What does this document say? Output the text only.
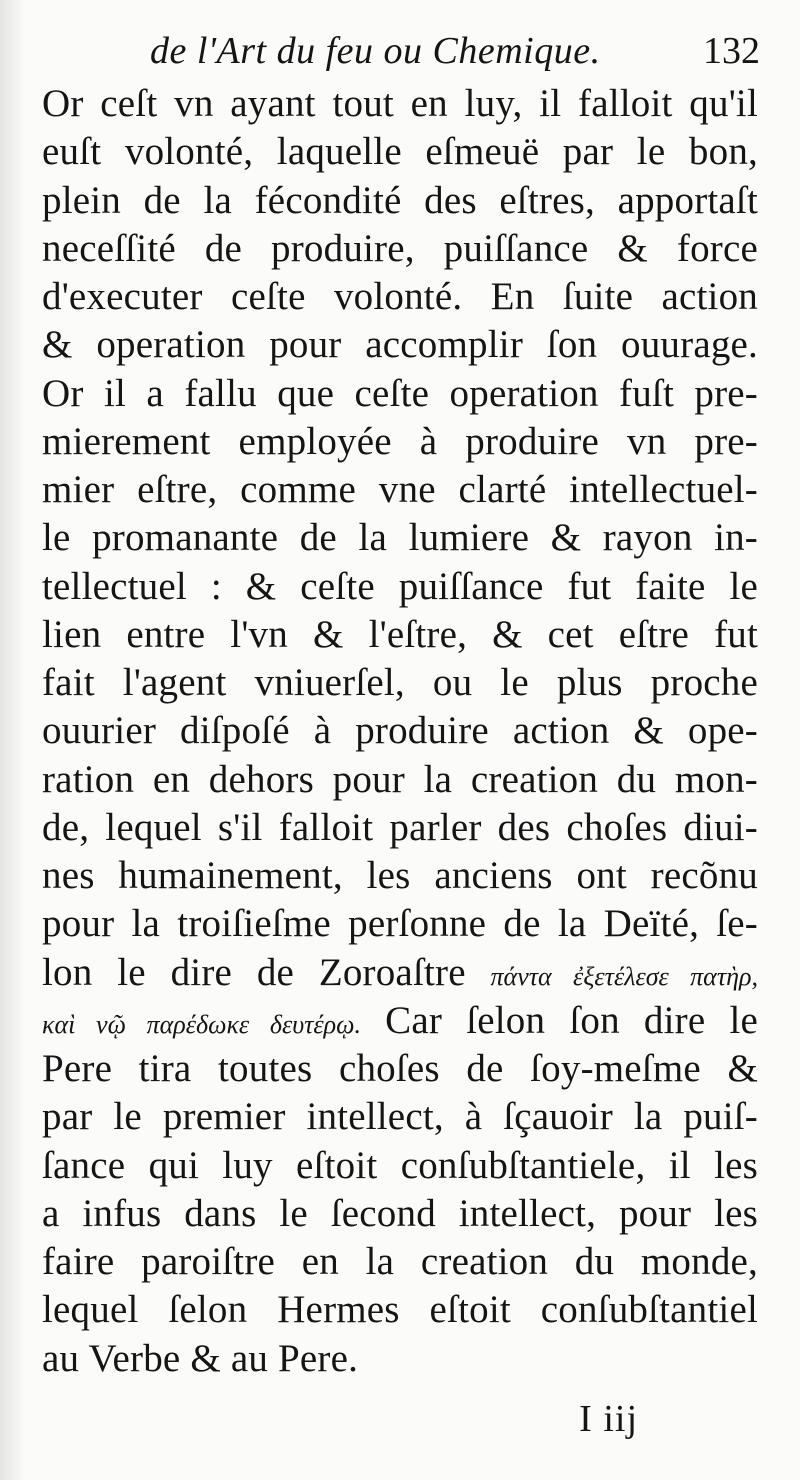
de l'Art du feu ou Chemique.	132
Or ceſt vn ayant tout en luy, il falloit qu'il
euſt volonté, laquelle eſmeuë par le bon,
plein de la fécondité des eſtres, apportaſt
neceſſité de produire, puiſſance & force
d'executer ceſte volonté. En ſuite action
& operation pour accomplir ſon ouurage.
Or il a fallu que ceſte operation fuſt pre-
mierement employée à produire vn pre-
mier eſtre, comme vne clarté intellectuel-
le promanante de la lumiere & rayon in-
tellectuel : & ceſte puiſſance fut faite le
lien entre l'vn & l'eſtre, & cet eſtre fut
fait l'agent vniuerſel, ou le plus proche
ouurier diſpoſé à produire action & ope-
ration en dehors pour la creation du mon-
de, lequel s'il falloit parler des choſes diui-
nes humainement, les anciens ont recõnu
pour la troiſieſme perſonne de la Deïté, ſe-
lon le dire de Zoroaſtre πάντα ἐξετέλεσε πατὴρ,
καὶ νῷ παρέδωκε δευτέρῳ. Car ſelon ſon dire le
Pere tira toutes choſes de ſoy-meſme &
par le premier intellect, à ſçauoir la puiſ-
ſance qui luy eſtoit conſubſtantiele, il les
a infus dans le ſecond intellect, pour les
faire paroiſtre en la creation du monde,
lequel ſelon Hermes eſtoit conſubſtantiel
au Verbe & au Pere.
I iij
